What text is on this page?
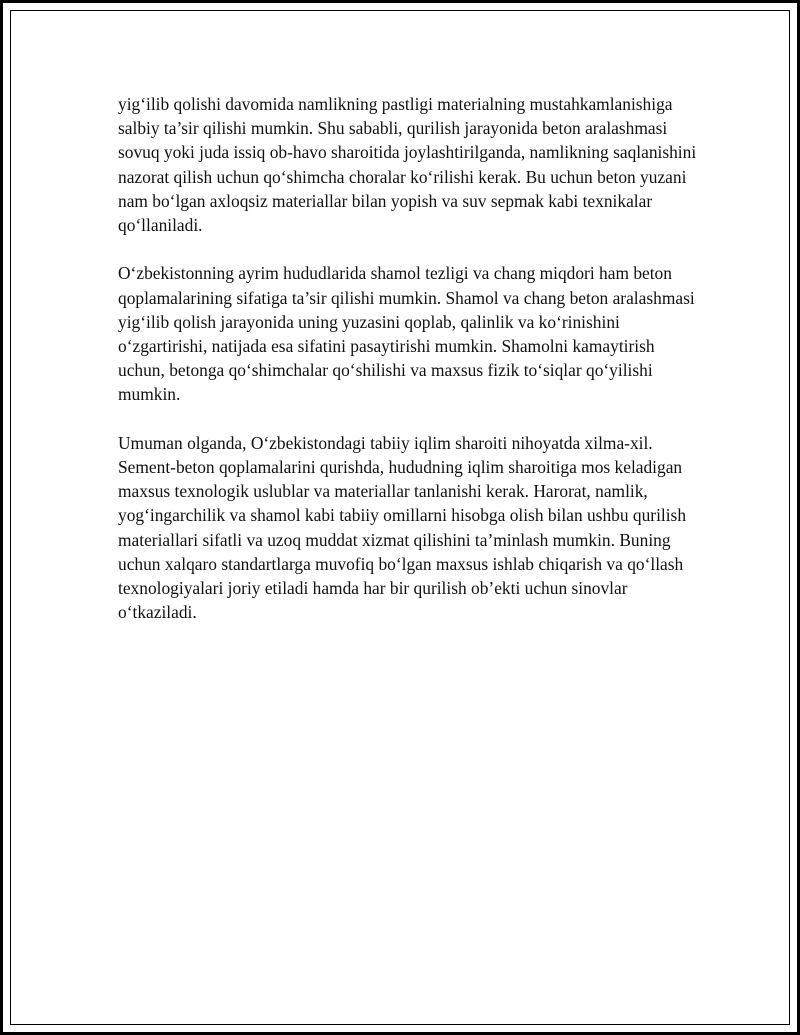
yig‘ilib qolishi davomida namlikning pastligi materialning mustahkamlanishiga salbiy ta’sir qilishi mumkin. Shu sababli, qurilish jarayonida beton aralashmasi sovuq yoki juda issiq ob-havo sharoitida joylashtirilganda, namlikning saqlanishini nazorat qilish uchun qo‘shimcha choralar ko‘rilishi kerak. Bu uchun beton yuzani nam bo‘lgan axloqsiz materiallar bilan yopish va suv sepmak kabi texnikalar qo‘llaniladi.

O‘zbekistonning ayrim hududlarida shamol tezligi va chang miqdori ham beton qoplamalarining sifatiga ta’sir qilishi mumkin. Shamol va chang beton aralashmasi yig‘ilib qolish jarayonida uning yuzasini qoplab, qalinlik va ko‘rinishini o‘zgartirishi, natijada esa sifatini pasaytirishi mumkin. Shamolni kamaytirish uchun, betonga qo‘shimchalar qo‘shilishi va maxsus fizik to‘siqlar qo‘yilishi mumkin.

Umuman olganda, O‘zbekistondagi tabiiy iqlim sharoiti nihoyatda xilma-xil. Sement-beton qoplamalarini qurishda, hududning iqlim sharoitiga mos keladigan maxsus texnologik uslublar va materiallar tanlanishi kerak. Harorat, namlik, yog‘ingarchilik va shamol kabi tabiiy omillarni hisobga olish bilan ushbu qurilish materiallari sifatli va uzoq muddat xizmat qilishini ta’minlash mumkin. Buning uchun xalqaro standartlarga muvofiq bo‘lgan maxsus ishlab chiqarish va qo‘llash texnologiyalari joriy etiladi hamda har bir qurilish ob’ekti uchun sinovlar o‘tkaziladi.
